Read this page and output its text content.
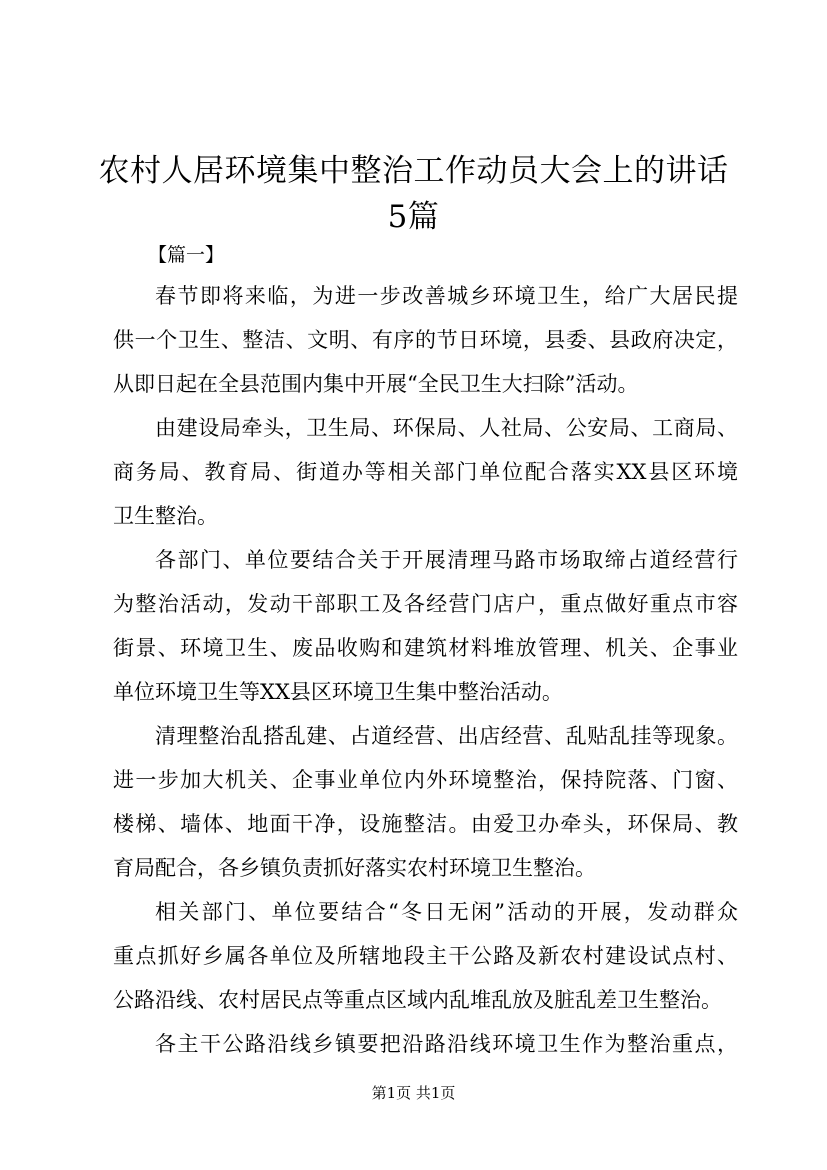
农村人居环境集中整治工作动员大会上的讲话
5篇
【篇一】
春节即将来临，为进一步改善城乡环境卫生，给广大居民提
供一个卫生、整洁、文明、有序的节日环境，县委、县政府决定，
从即日起在全县范围内集中开展“全民卫生大扫除”活动。
由建设局牵头，卫生局、环保局、人社局、公安局、工商局、
商务局、教育局、街道办等相关部门单位配合落实XX县区环境
卫生整治。
各部门、单位要结合关于开展清理马路市场取缔占道经营行
为整治活动，发动干部职工及各经营门店户，重点做好重点市容
街景、环境卫生、废品收购和建筑材料堆放管理、机关、企事业
单位环境卫生等XX县区环境卫生集中整治活动。
清理整治乱搭乱建、占道经营、出店经营、乱贴乱挂等现象。
进一步加大机关、企事业单位内外环境整治，保持院落、门窗、
楼梯、墙体、地面干净，设施整洁。由爱卫办牵头，环保局、教
育局配合，各乡镇负责抓好落实农村环境卫生整治。
相关部门、单位要结合“冬日无闲”活动的开展，发动群众
重点抓好乡属各单位及所辖地段主干公路及新农村建设试点村、
公路沿线、农村居民点等重点区域内乱堆乱放及脏乱差卫生整治。
各主干公路沿线乡镇要把沿路沿线环境卫生作为整治重点，
第1页 共1页
